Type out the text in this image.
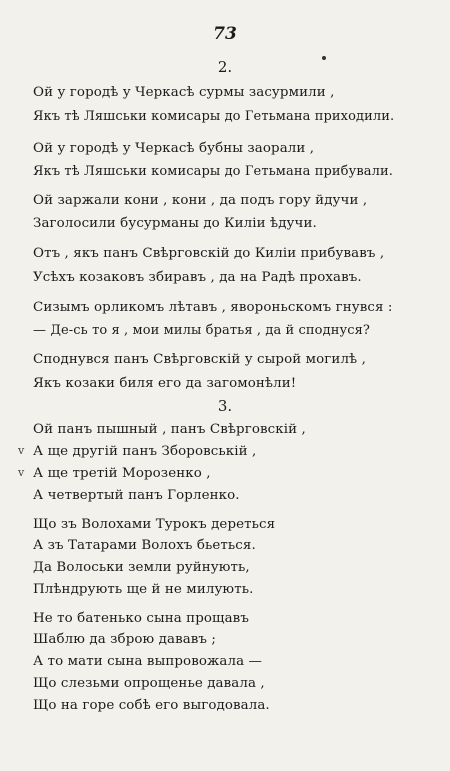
73
2.
Ой у городѣ у Черкасѣ сурмы засурмили ,
Якъ тѣ Ляшськи комисары до Гетьмана приходили.
Ой у городѣ у Черкасѣ бубны заорали ,
Якъ тѣ Ляшськи комисары до Гетьмана прибували.
Ой заржали кони , кони , да подъ гору йдучи ,
Заголосили бусурманы до Килiи ѣдучи.
Отъ , якъ панъ Свѣрговскiй до Килiи прибувавъ ,
Усѣхъ козаковъ збиравъ , да на Радѣ прохавъ.
Сизымъ орликомъ лѣтавъ , явороньскомъ гнувся :
— Де-сь то я , мои милы братья , да й споднуся?
Споднувся панъ Свѣрговскiй у сырой могилѣ ,
Якъ козаки биля его да загомонѣли!
3.
Ой панъ пышный , панъ Свѣрговскiй ,
v А ще другiй панъ Зборовськiй ,
v А ще третiй Морозенко ,
А четвертый панъ Горленко.
Що зъ Волохами Турокъ дереться
А зъ Татарами Волохъ бьеться.
Да Волоськи земли руйнують,
Плѣндрують ще й не милують.
Не то батенько сына прощавъ
Шаблю да зброю дававъ ;
А то мати сына выпровожала —
Що слезьми опрощенье давала ,
Що на горе собѣ его выгодовала.
